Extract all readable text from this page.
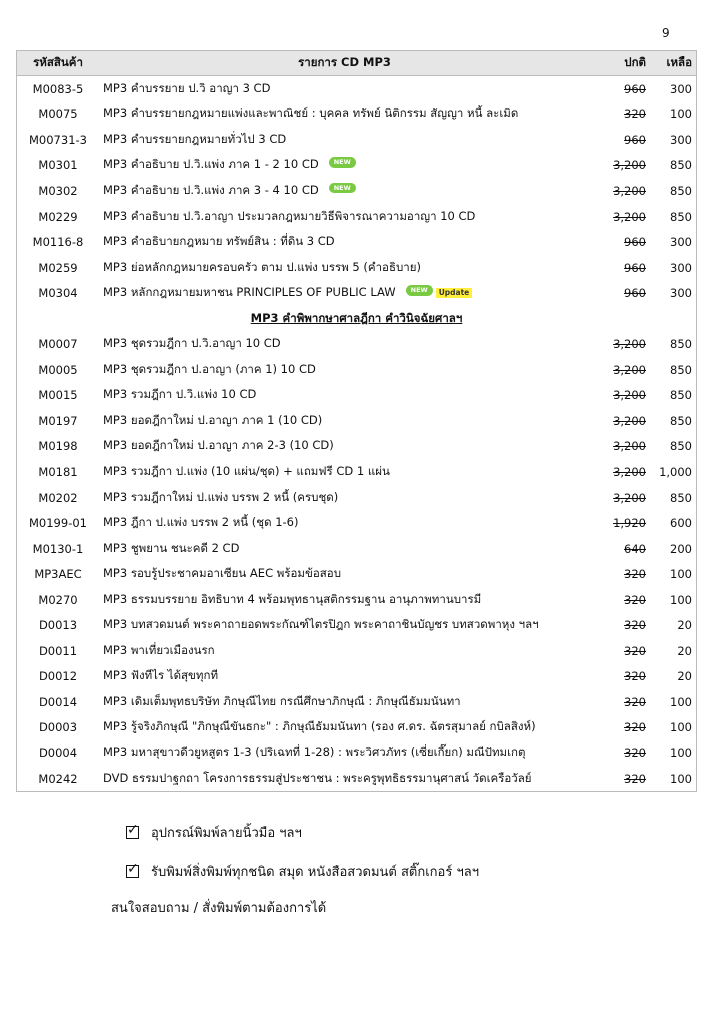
9
รหัสสินค้า	รายการ CD MP3	ปกติ	เหลือ
M0083-5	MP3 คำบรรยาย ป.วิ อาญา 3 CD	960	300
M0075	MP3 คำบรรยายกฎหมายแพ่งและพาณิชย์ : บุคคล ทรัพย์ นิติกรรม สัญญา หนี้ ละเมิด	320	100
M00731-3	MP3 คำบรรยายกฎหมายทั่วไป 3 CD	960	300
M0301	MP3 คำอธิบาย ป.วิ.แพ่ง ภาค 1 - 2 10 CD NEW	3,200	850
M0302	MP3 คำอธิบาย ป.วิ.แพ่ง ภาค 3 - 4 10 CD NEW	3,200	850
M0229	MP3 คำอธิบาย ป.วิ.อาญา ประมวลกฎหมายวิธีพิจารณาความอาญา 10 CD	3,200	850
M0116-8	MP3 คำอธิบายกฎหมาย ทรัพย์สิน : ที่ดิน 3 CD	960	300
M0259	MP3 ย่อหลักกฎหมายครอบครัว ตาม ป.แพ่ง บรรพ 5 (คำอธิบาย)	960	300
M0304	MP3 หลักกฎหมายมหาชน PRINCIPLES OF PUBLIC LAW NEW Update	960	300
MP3 คำพิพากษาศาลฎีกา คำวินิจฉัยศาลฯ			
M0007	MP3 ชุดรวมฎีกา ป.วิ.อาญา 10 CD	3,200	850
M0005	MP3 ชุดรวมฎีกา ป.อาญา (ภาค 1) 10 CD	3,200	850
M0015	MP3 รวมฎีกา ป.วิ.แพ่ง 10 CD	3,200	850
M0197	MP3 ยอดฎีกาใหม่ ป.อาญา ภาค 1 (10 CD)	3,200	850
M0198	MP3 ยอดฎีกาใหม่ ป.อาญา ภาค 2-3 (10 CD)	3,200	850
M0181	MP3 รวมฎีกา ป.แพ่ง (10 แผ่น/ชุด) + แถมฟรี CD 1 แผ่น	3,200	1,000
M0202	MP3 รวมฎีกาใหม่ ป.แพ่ง บรรพ 2 หนี้ (ครบชุด)	3,200	850
M0199-01	MP3 ฎีกา ป.แพ่ง บรรพ 2 หนี้ (ชุด 1-6)	1,920	600
M0130-1	MP3 ชูพยาน ชนะคดี 2 CD	640	200
MP3AEC	MP3 รอบรู้ประชาคมอาเซียน AEC พร้อมข้อสอบ	320	100
M0270	MP3 ธรรมบรรยาย อิทธิบาท 4 พร้อมพุทธานุสติกรรมฐาน อานุภาพทานบารมี	320	100
D0013	MP3 บทสวดมนต์ พระคาถายอดพระกัณฑ์ไตรปิฎก พระคาถาชินบัญชร บทสวดพาหุง ฯลฯ	320	20
D0011	MP3 พาเที่ยวเมืองนรก	320	20
D0012	MP3 ฟังทีไร ได้สุขทุกที	320	20
D0014	MP3 เดิมเต็มพุทธบริษัท ภิกษุณีไทย กรณีศึกษาภิกษุณี : ภิกษุณีธัมมนันทา	320	100
D0003	MP3 รู้จริงภิกษุณี "ภิกษุณีขันธกะ" : ภิกษุณีธัมมนันทา (รอง ศ.ดร. ฉัตรสุมาลย์ กบิลสิงห์)	320	100
D0004	MP3 มหาสุขาวดีวยูหสูตร 1-3 (ปริเฉทที่ 1-28) : พระวิศวภัทร (เซี่ยเกี๊ยก) มณีปัทมเกตุ	320	100
M0242	DVD ธรรมปาฐกถา โครงการธรรมสู่ประชาชน : พระครูพุทธิธรรมานุศาสน์ วัดเครือวัลย์	320	100
✓
อุปกรณ์พิมพ์ลายนิ้วมือ ฯลฯ
✓
รับพิมพ์สิ่งพิมพ์ทุกชนิด สมุด หนังสือสวดมนต์ สติ๊กเกอร์ ฯลฯ
สนใจสอบถาม / สั่งพิมพ์ตามต้องการได้
